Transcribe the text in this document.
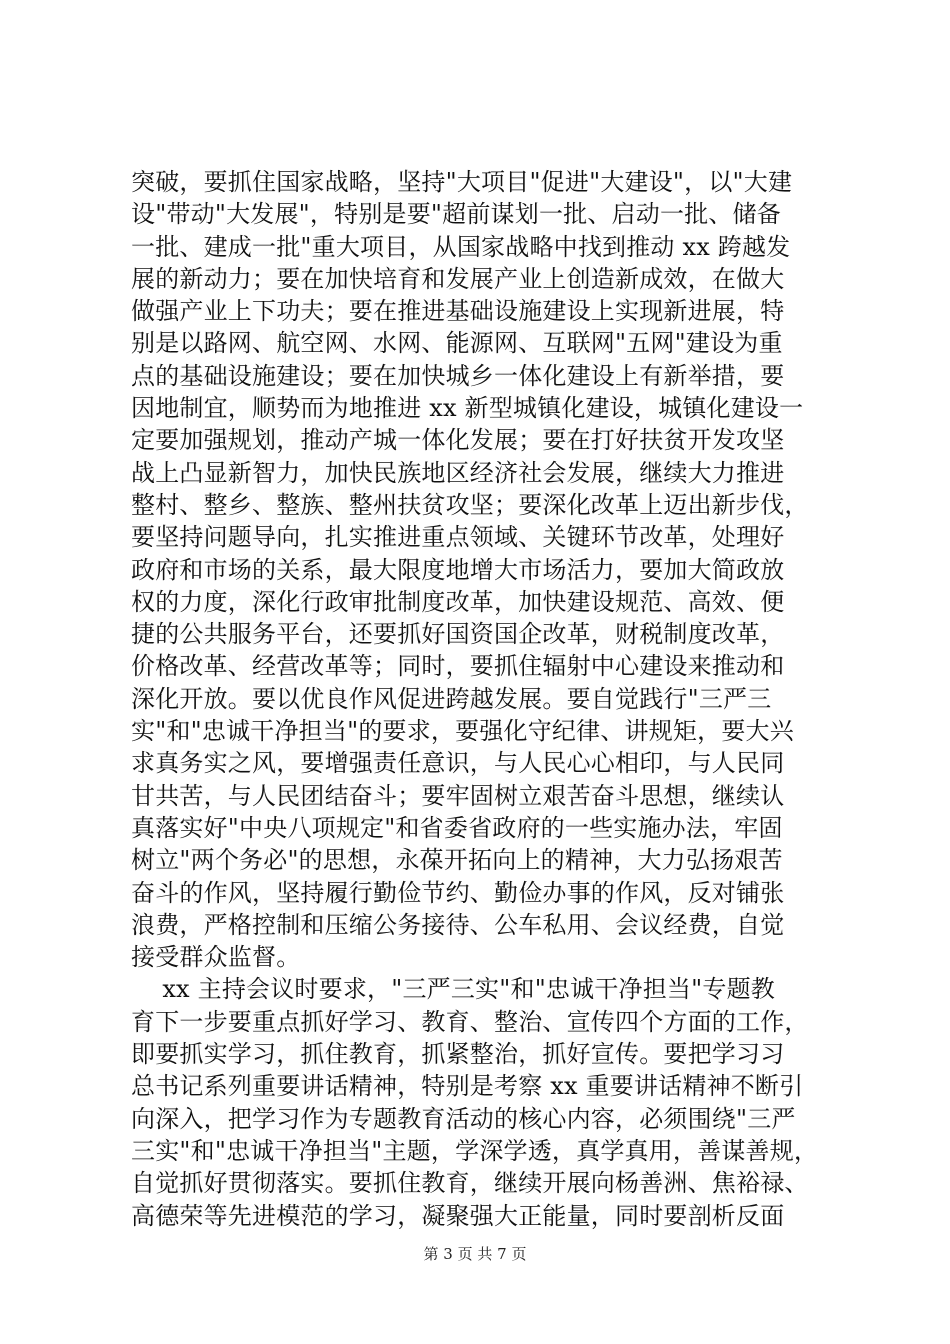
突破，要抓住国家战略，坚持"大项目"促进"大建设"，以"大建
设"带动"大发展"，特别是要"超前谋划一批、启动一批、储备
一批、建成一批"重大项目，从国家战略中找到推动 xx 跨越发
展的新动力；要在加快培育和发展产业上创造新成效，在做大
做强产业上下功夫；要在推进基础设施建设上实现新进展，特
别是以路网、航空网、水网、能源网、互联网"五网"建设为重
点的基础设施建设；要在加快城乡一体化建设上有新举措，要
因地制宜，顺势而为地推进 xx 新型城镇化建设，城镇化建设一
定要加强规划，推动产城一体化发展；要在打好扶贫开发攻坚
战上凸显新智力，加快民族地区经济社会发展，继续大力推进
整村、整乡、整族、整州扶贫攻坚；要深化改革上迈出新步伐，
要坚持问题导向，扎实推进重点领域、关键环节改革，处理好
政府和市场的关系，最大限度地增大市场活力，要加大简政放
权的力度，深化行政审批制度改革，加快建设规范、高效、便
捷的公共服务平台，还要抓好国资国企改革，财税制度改革，
价格改革、经营改革等；同时，要抓住辐射中心建设来推动和
深化开放。要以优良作风促进跨越发展。要自觉践行"三严三
实"和"忠诚干净担当"的要求，要强化守纪律、讲规矩，要大兴
求真务实之风，要增强责任意识，与人民心心相印，与人民同
甘共苦，与人民团结奋斗；要牢固树立艰苦奋斗思想，继续认
真落实好"中央八项规定"和省委省政府的一些实施办法，牢固
树立"两个务必"的思想，永葆开拓向上的精神，大力弘扬艰苦
奋斗的作风，坚持履行勤俭节约、勤俭办事的作风，反对铺张
浪费，严格控制和压缩公务接待、公车私用、会议经费，自觉
接受群众监督。
xx 主持会议时要求，"三严三实"和"忠诚干净担当"专题教
育下一步要重点抓好学习、教育、整治、宣传四个方面的工作，
即要抓实学习，抓住教育，抓紧整治，抓好宣传。要把学习习
总书记系列重要讲话精神，特别是考察 xx 重要讲话精神不断引
向深入，把学习作为专题教育活动的核心内容，必须围绕"三严
三实"和"忠诚干净担当"主题，学深学透，真学真用，善谋善规，
自觉抓好贯彻落实。要抓住教育，继续开展向杨善洲、焦裕禄、
高德荣等先进模范的学习，凝聚强大正能量，同时要剖析反面
第 3 页 共 7 页
